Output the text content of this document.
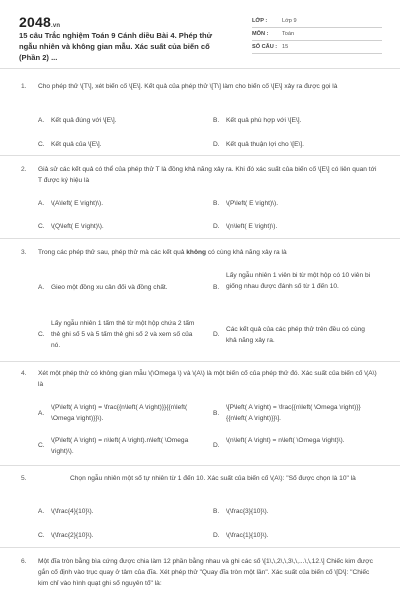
2048.vn
15 câu Trắc nghiệm Toán 9 Cánh diều Bài 4. Phép thử ngẫu nhiên và không gian mẫu. Xác suất của biến cố (Phần 2) ...
LỚP :	Lớp 9
MÔN :	Toán
SỐ CÂU : 15
1. Cho phép thử \[T\], xét biến cố \[E\]. Kết quả của phép thử \[T\] làm cho biến cố \[E\] xảy ra được gọi là
A. Kết quả đúng với \[E\].	B. Kết quả phù hợp với \[E\].
C. Kết quả của \[E\].	D. Kết quả thuận lợi cho \[E\].
2. Giả sử các kết quả có thể của phép thử T là đồng khả năng xảy ra. Khi đó xác suất của biến cố \[E\] có liên quan tới T được ký hiệu là
A. \(A\left( E \right)\).	B. \(P\left( E \right)\).
C. \(Q\left( E \right)\).	D. \(n\left( E \right)\).
3. Trong các phép thử sau, phép thử mà các kết quả không có cùng khả năng xảy ra là
A. Gieo một đồng xu cân đối và đồng chất.	B.
Lấy ngẫu nhiên 1 viên bi từ một hộp có 10 viên bi giống nhau được đánh số từ 1 đến 10.
C.
Lấy ngẫu nhiên 1 tấm thẻ từ một hộp chứa 2 tấm thẻ ghi số 5 và 5 tấm thẻ ghi số 2 và xem số của nó.
D.
Các kết quả của các phép thử trên đều có cùng khả năng xảy ra.
4. Xét một phép thử có không gian mẫu \(\Omega \) và \(A\) là một biến cố của phép thử đó. Xác suất của biến cố \(A\) là
A.
\(P\left( A \right) = \frac{{n\left( A \right)}}{{n\left( \Omega \right)}}\).
B.
\[P\left( A \right) = \frac{{n\left( \Omega \right)}}{{n\left( A \right)}}\].
C.
\(P\left( A \right) = n\left( A \right).n\left( \Omega \right)\).
D.
\(n\left( A \right) = n\left( \Omega \right)\).
5.	Chọn ngẫu nhiên một số tự nhiên từ 1 đến 10. Xác suất của biến cố \(A\): "Số được chọn là 10" là
A. \(\frac{4}{10}\).	B. \(\frac{3}{10}\).
C. \(\frac{2}{10}\).	D. \(\frac{1}{10}\).
6. Một đĩa tròn bằng bìa cứng được chia làm 12 phần bằng nhau và ghi các số \[1\,\,2\,\,3\,\,...\,\,12.\] Chiếc kim được gắn cố định vào trục quay ở tâm của đĩa. Xét phép thử "Quay đĩa tròn một lần". Xác suất của biến cố \[D\]: "Chiếc kim chỉ vào hình quạt ghi số nguyên tố" là:
